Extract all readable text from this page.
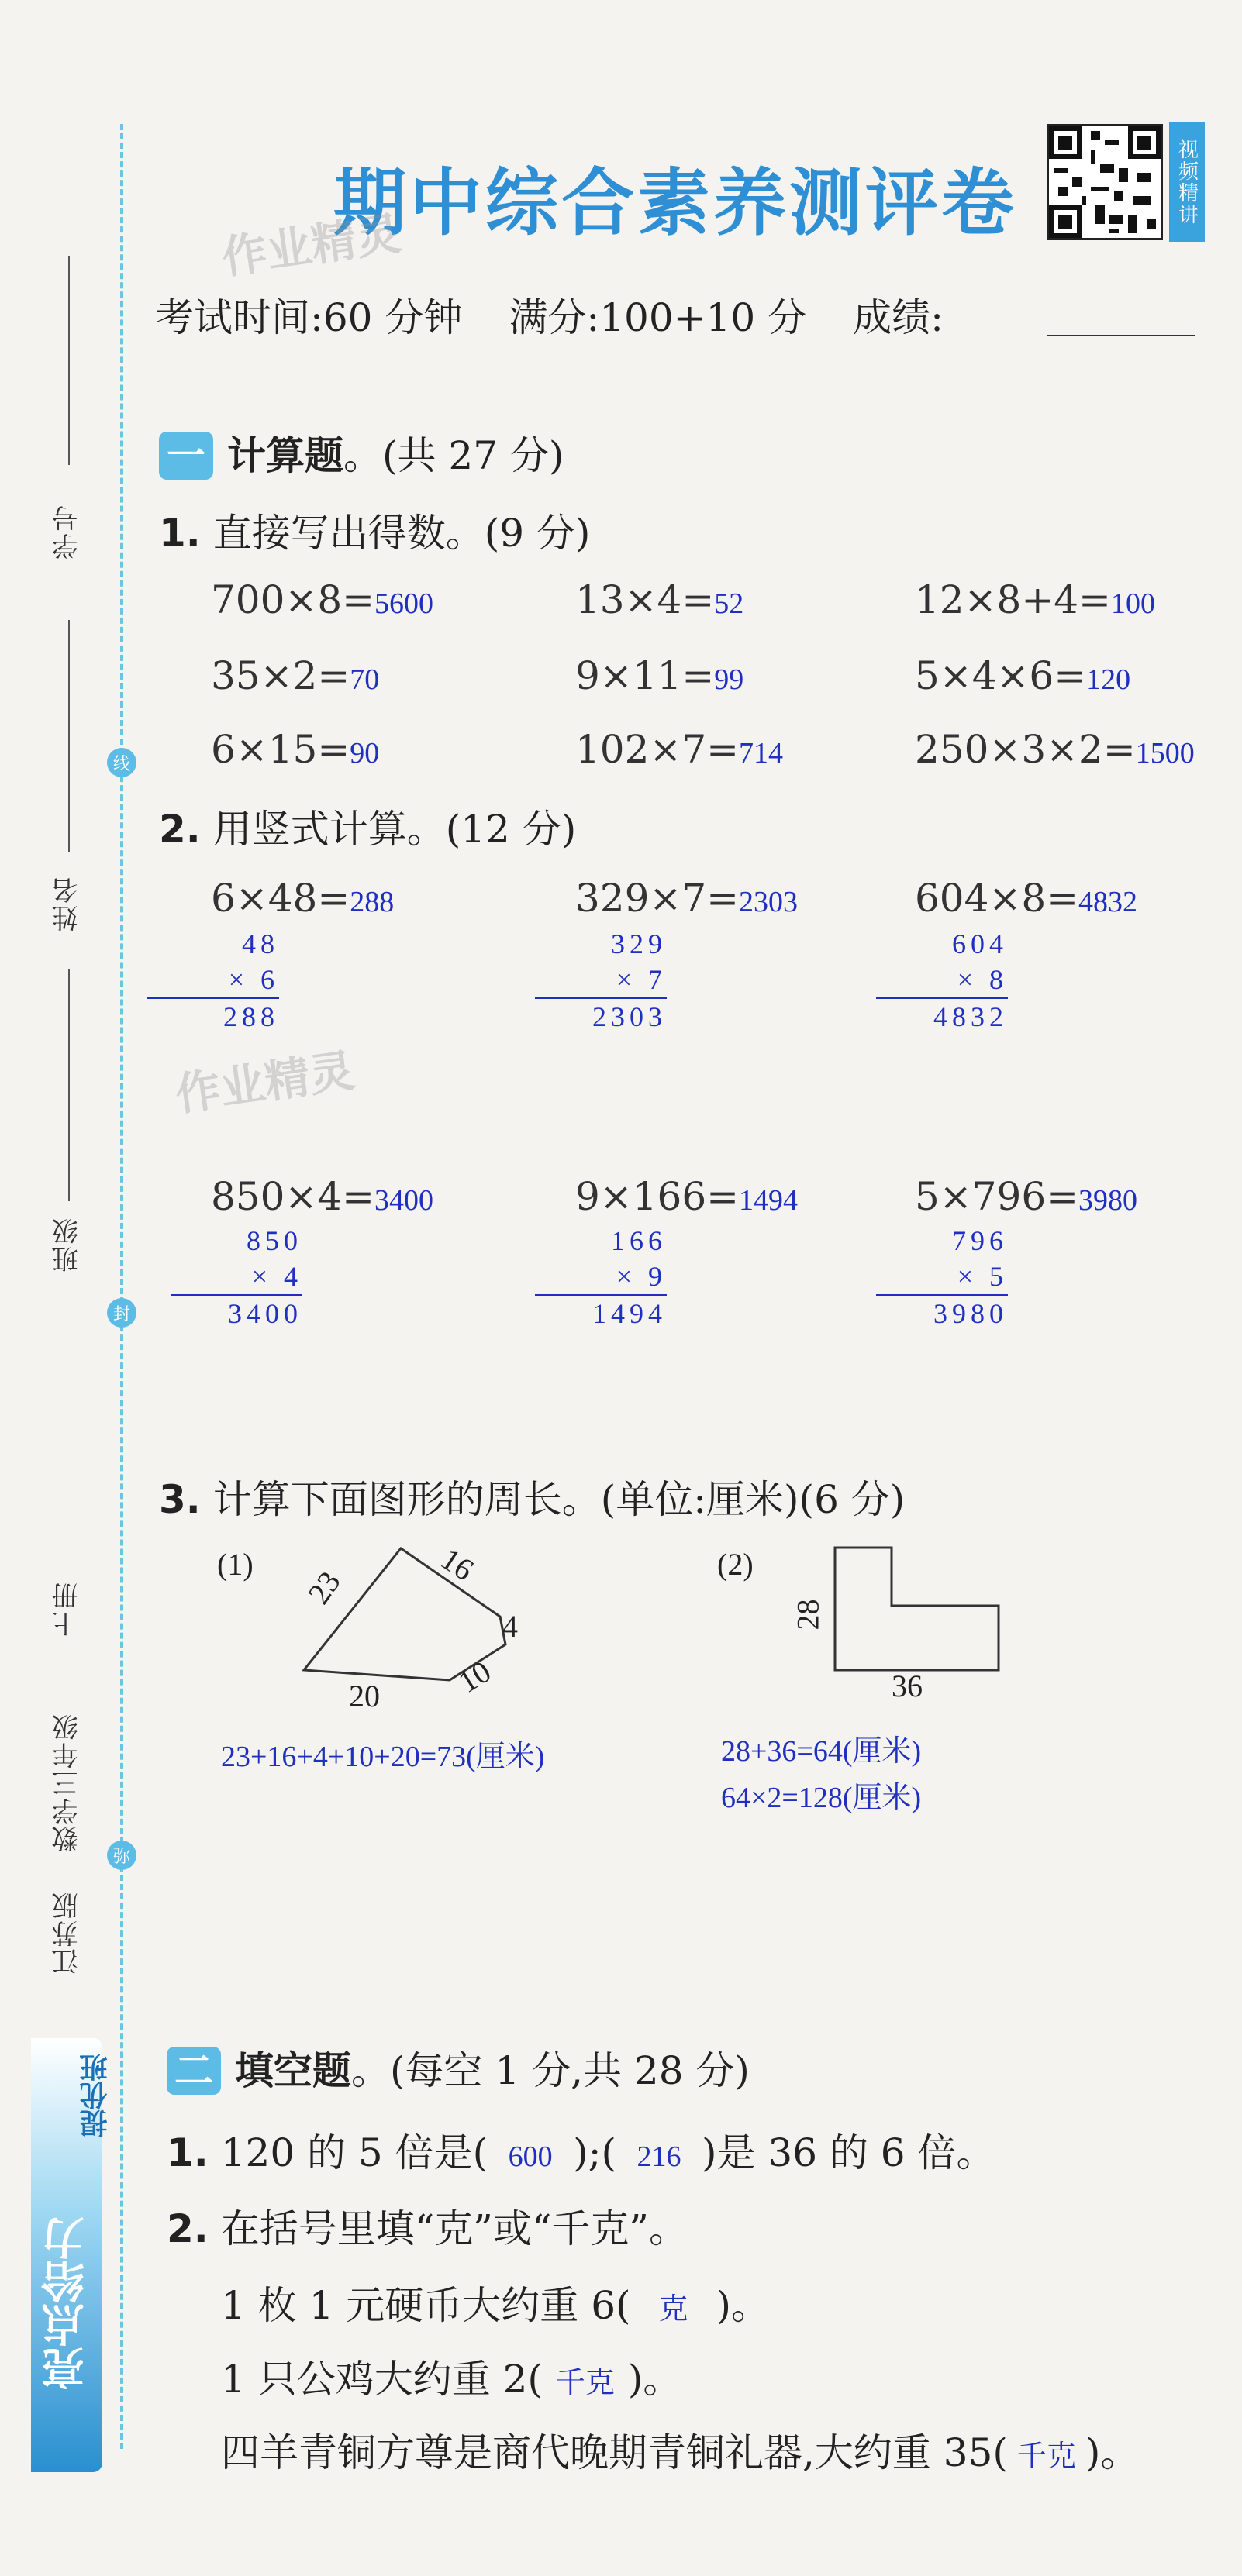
线
封
弥
学号
姓名
班级
上册
数学三年级
江苏版
提优班
亮点给力
期中综合素养测评卷	视频精讲
作业精灵
作业精灵
考试时间:60 分钟 满分:100+10 分 成绩:
一 计算题。(共 27 分)
1. 直接写出得数。(9 分)
700×8=5600	13×4=52	12×8+4=100
35×2=70	9×11=99	5×4×6=120
6×15=90	102×7=714	250×3×2=1500
2. 用竖式计算。(12 分)
6×48=288
48
× 6
288
329×7=2303
329
× 7
2303
604×8=4832
604
× 8
4832
850×4=3400
850
× 4
3400
9×166=1494
166
× 9
1494
5×796=3980
796
× 5
3980
3. 计算下面图形的周长。(单位:厘米)(6 分)
(1)
23
16
4
10
20
23+16+4+10+20=73(厘米)
(2)
28
36
28+36=64(厘米)
64×2=128(厘米)
二 填空题。(每空 1 分,共 28 分)
1. 120 的 5 倍是( 600 );( 216 )是 36 的 6 倍。
2. 在括号里填“克”或“千克”。
1 枚 1 元硬币大约重 6( 克 )。
1 只公鸡大约重 2( 千克 )。
四羊青铜方尊是商代晚期青铜礼器,大约重 35( 千克 )。
